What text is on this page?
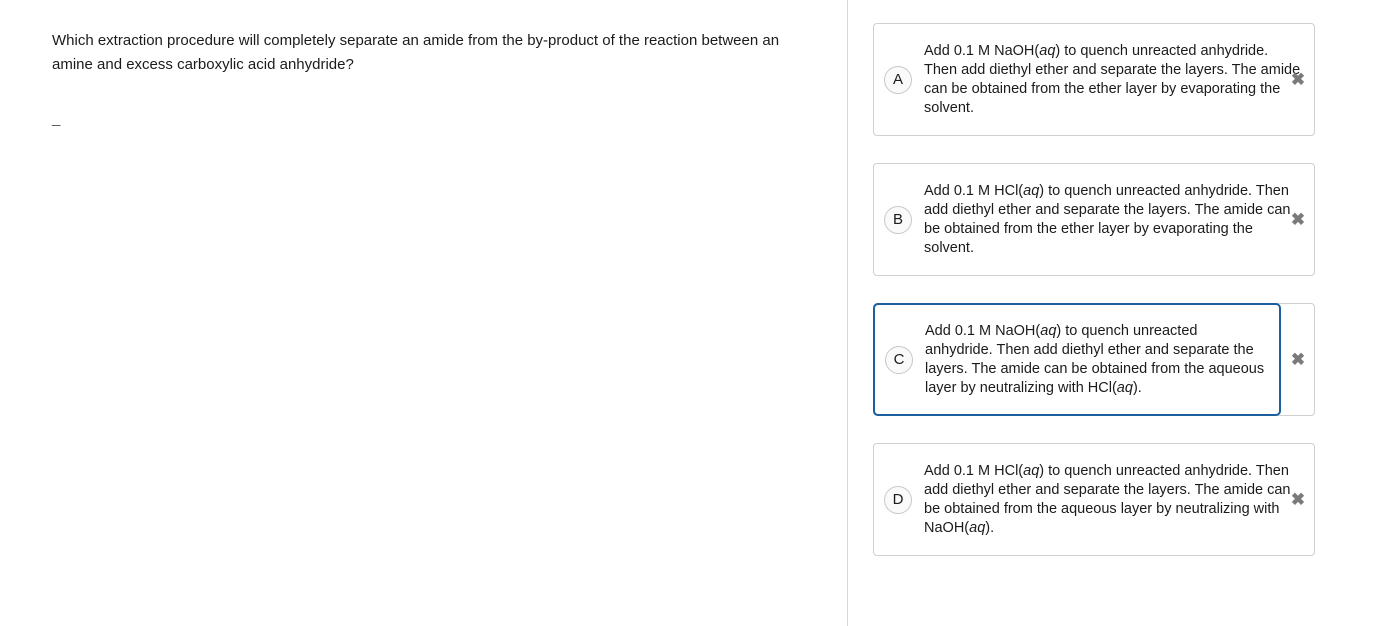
Which extraction procedure will completely separate an amide from the by-product of the reaction between an amine and excess carboxylic acid anhydride?
_
A
Add 0.1 M NaOH(aq) to quench unreacted anhydride. Then add diethyl ether and separate the layers. The amide can be obtained from the ether layer by evaporating the solvent.
✖
B
Add 0.1 M HCl(aq) to quench unreacted anhydride. Then add diethyl ether and separate the layers. The amide can be obtained from the ether layer by evaporating the solvent.
✖
C
Add 0.1 M NaOH(aq) to quench unreacted anhydride. Then add diethyl ether and separate the layers. The amide can be obtained from the aqueous layer by neutralizing with HCl(aq).
✖
D
Add 0.1 M HCl(aq) to quench unreacted anhydride. Then add diethyl ether and separate the layers. The amide can be obtained from the aqueous layer by neutralizing with NaOH(aq).
✖
